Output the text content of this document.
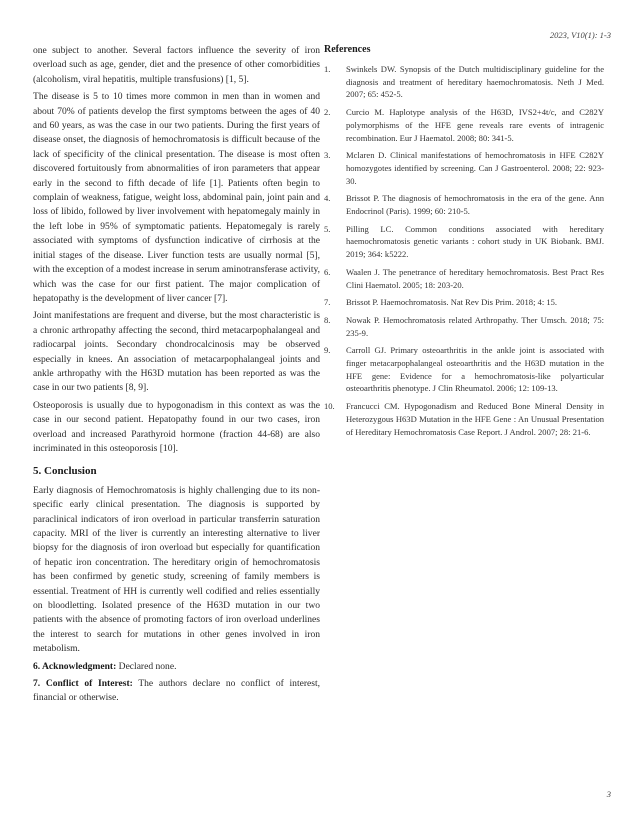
2023, V10(1): 1-3

one subject to another. Several factors influence the severity of iron overload such as age, gender, diet and the presence of other comorbidities (alcoholism, viral hepatitis, multiple transfusions) [1, 5].

The disease is 5 to 10 times more common in men than in women and about 70% of patients develop the first symptoms between the ages of 40 and 60 years, as was the case in our two patients. During the first years of disease onset, the diagnosis of hemochromatosis is difficult because of the lack of specificity of the clinical presentation. The disease is most often discovered fortuitously from abnormalities of iron parameters that appear early in the second to fifth decade of life [1]. Patients often begin to complain of weakness, fatigue, weight loss, abdominal pain, joint pain and loss of libido, followed by liver involvement with hepatomegaly mainly in the left lobe in 95% of symptomatic patients. Hepatomegaly is rarely associated with symptoms of dysfunction indicative of cirrhosis at the initial stages of the disease. Liver function tests are usually normal [5], with the exception of a modest increase in serum aminotransferase activity, which was the case for our first patient. The major complication of hepatopathy is the development of liver cancer [7].

Joint manifestations are frequent and diverse, but the most characteristic is a chronic arthropathy affecting the second, third metacarpophalangeal and radiocarpal joints. Secondary chondrocalcinosis may be observed especially in knees. An association of metacarpophalangeal joints and ankle arthropathy with the H63D mutation has been reported as was the case in our two patients [8, 9].

Osteoporosis is usually due to hypogonadism in this context as was the case in our second patient. Hepatopathy found in our two cases, iron overload and increased Parathyroid hormone (fraction 44-68) are also incriminated in this osteoporosis [10].

5. Conclusion

Early diagnosis of Hemochromatosis is highly challenging due to its non-specific early clinical presentation. The diagnosis is supported by paraclinical indicators of iron overload in particular transferrin saturation capacity. MRI of the liver is currently an interesting alternative to liver biopsy for the diagnosis of iron overload but especially for quantification of hepatic iron concentration. The hereditary origin of hemochromatosis has been confirmed by genetic study, screening of family members is essential. Treatment of HH is currently well codified and relies essentially on bloodletting. Isolated presence of the H63D mutation in our two patients with the absence of promoting factors of iron overload underlines the interest to search for mutations in other genes involved in iron metabolism.

6. Acknowledgment: Declared none.

7. Conflict of Interest: The authors declare no conflict of interest, financial or otherwise.

References
1.	Swinkels DW. Synopsis of the Dutch multidisciplinary guideline for the diagnosis and treatment of hereditary haemochromatosis. Neth J Med. 2007; 65: 452-5.
2.	Curcio M. Haplotype analysis of the H63D, IVS2+4t/c, and C282Y polymorphisms of the HFE gene reveals rare events of intragenic recombination. Eur J Haematol. 2008; 80: 341-5.
3.	Mclaren D. Clinical manifestations of hemochromatosis in HFE C282Y homozygotes identified by screening. Can J Gastroenterol. 2008; 22: 923-30.
4.	Brissot P. The diagnosis of hemochromatosis in the era of the gene. Ann Endocrinol (Paris). 1999; 60: 210-5.
5.	Pilling LC. Common conditions associated with hereditary haemochromatosis genetic variants : cohort study in UK Biobank. BMJ. 2019; 364: k5222.
6.	Waalen J. The penetrance of hereditary hemochromatosis. Best Pract Res Clini Haematol. 2005; 18: 203-20.
7.	Brissot P. Haemochromatosis. Nat Rev Dis Prim. 2018; 4: 15.
8.	Nowak P. Hemochromatosis related Arthropathy. Ther Umsch. 2018; 75: 235-9.
9.	Carroll GJ. Primary osteoarthritis in the ankle joint is associated with finger metacarpophalangeal osteoarthritis and the H63D mutation in the HFE gene: Evidence for a hemochromatosis-like polyarticular osteoarthritis phenotype. J Clin Rheumatol. 2006; 12: 109-13.
10.	Francucci CM. Hypogonadism and Reduced Bone Mineral Density in Heterozygous H63D Mutation in the HFE Gene : An Unusual Presentation of Hereditary Hemochromatosis Case Report. J Androl. 2007; 28: 21-6.
3
